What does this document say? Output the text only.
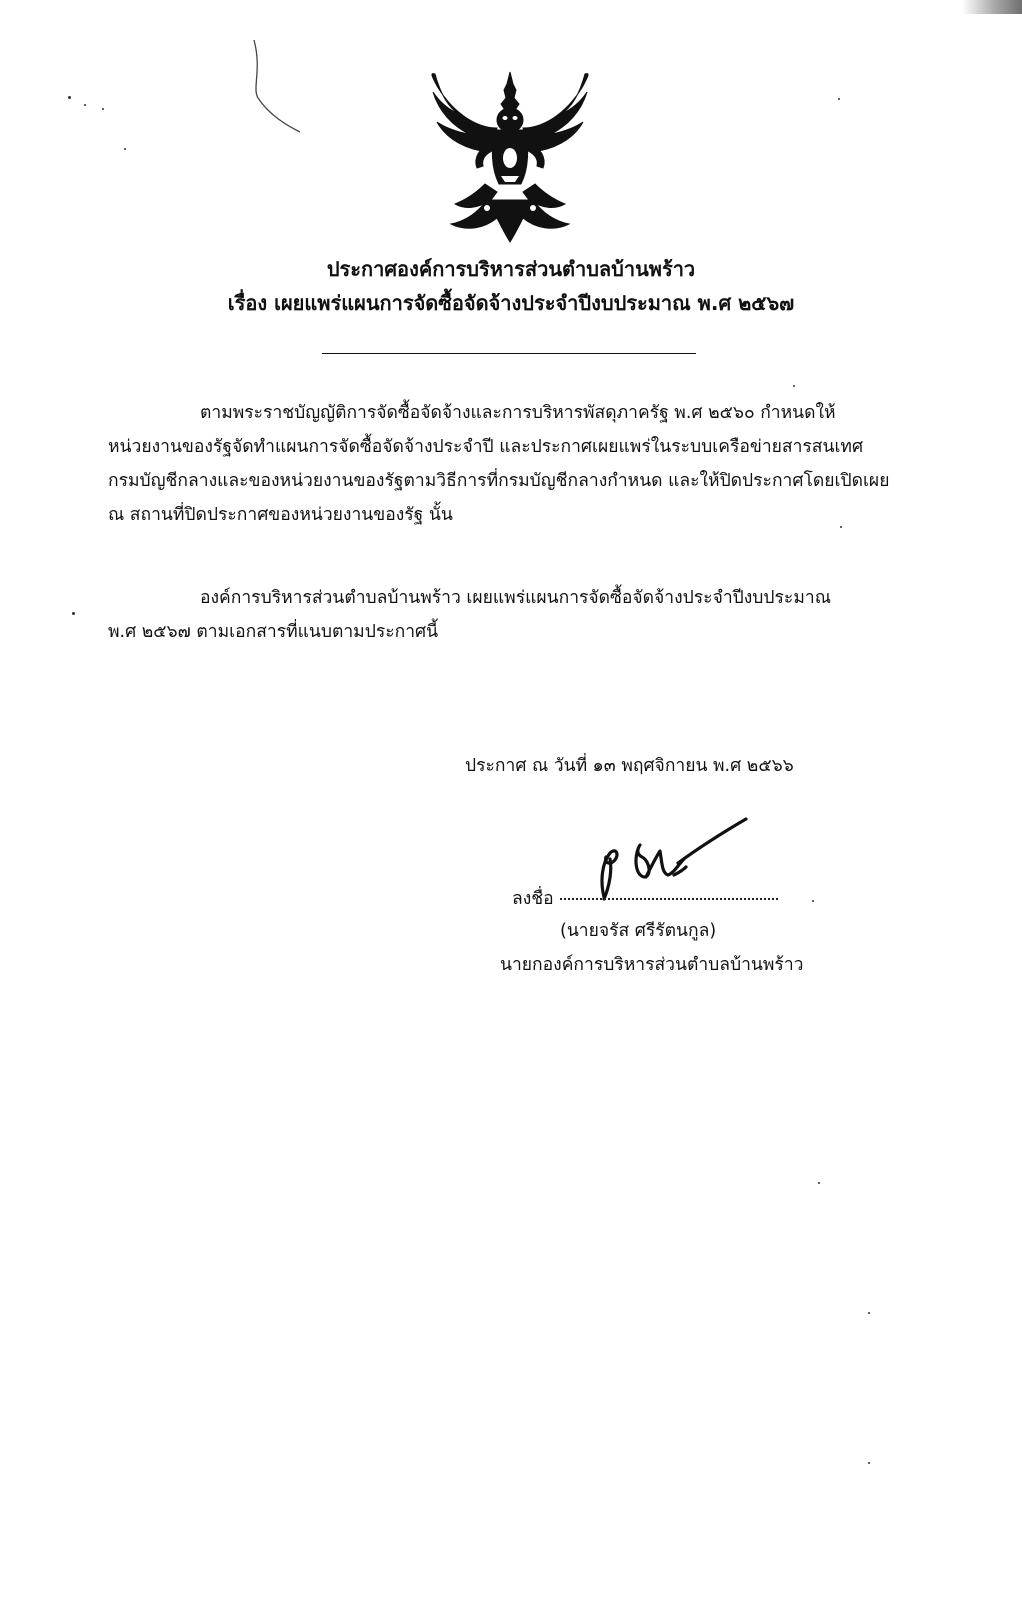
ประกาศองค์การบริหารส่วนตำบลบ้านพร้าว
เรื่อง เผยแพร่แผนการจัดซื้อจัดจ้างประจำปีงบประมาณ พ.ศ ๒๕๖๗
ตามพระราชบัญญัติการจัดซื้อจัดจ้างและการบริหารพัสดุภาครัฐ พ.ศ ๒๕๖๐ กำหนดให้
หน่วยงานของรัฐจัดทำแผนการจัดซื้อจัดจ้างประจำปี และประกาศเผยแพร่ในระบบเครือข่ายสารสนเทศ
กรมบัญชีกลางและของหน่วยงานของรัฐตามวิธีการที่กรมบัญชีกลางกำหนด และให้ปิดประกาศโดยเปิดเผย
ณ สถานที่ปิดประกาศของหน่วยงานของรัฐ นั้น
องค์การบริหารส่วนตำบลบ้านพร้าว เผยแพร่แผนการจัดซื้อจัดจ้างประจำปีงบประมาณ
พ.ศ ๒๕๖๗ ตามเอกสารที่แนบตามประกาศนี้
ประกาศ ณ วันที่ ๑๓ พฤศจิกายน พ.ศ ๒๕๖๖
ลงชื่อ
(นายจรัส ศรีรัตนกูล)
นายกองค์การบริหารส่วนตำบลบ้านพร้าว
